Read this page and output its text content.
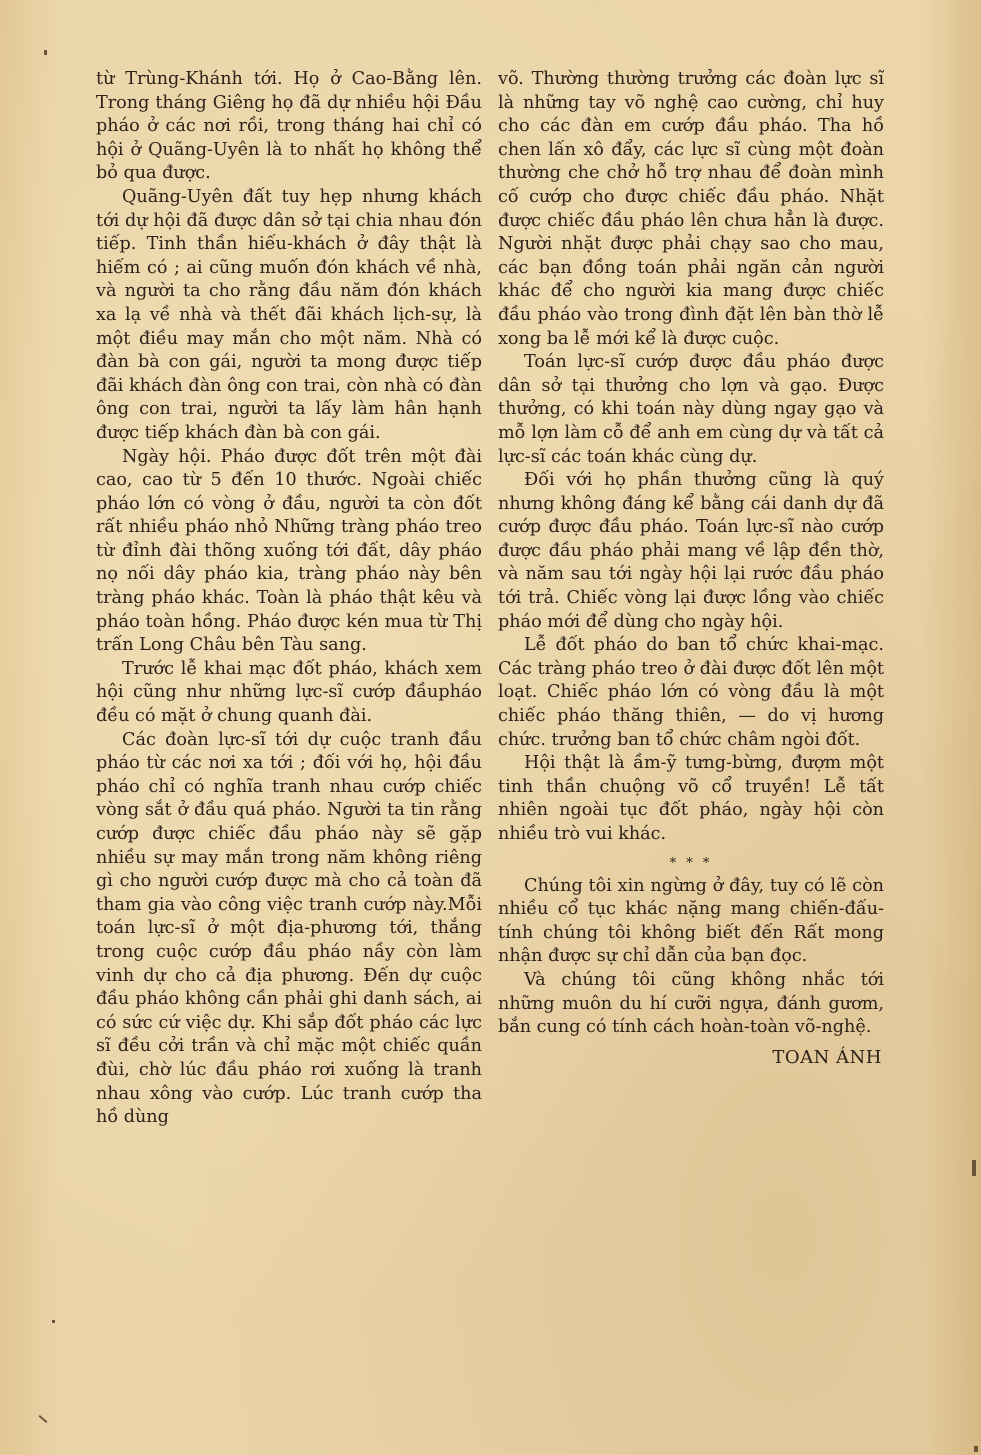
từ Trùng-Khánh tới. Họ ở Cao-Bằng lên. Trong tháng Giêng họ đã dự nhiều hội Đầu pháo ở các nơi rồi, trong tháng hai chỉ có hội ở Quãng-Uyên là to nhất họ không thể bỏ qua được.

Quãng-Uyên đất tuy hẹp nhưng khách tới dự hội đã được dân sở tại chia nhau đón tiếp. Tinh thần hiếu-khách ở đây thật là hiếm có ; ai cũng muốn đón khách về nhà, và người ta cho rằng đầu năm đón khách xa lạ về nhà và thết đãi khách lịch-sự, là một điều may mắn cho một năm. Nhà có đàn bà con gái, người ta mong được tiếp đãi khách đàn ông con trai, còn nhà có đàn ông con trai, người ta lấy làm hân hạnh được tiếp khách đàn bà con gái.

Ngày hội. Pháo được đốt trên một đài cao, cao từ 5 đến 10 thước. Ngoài chiếc pháo lớn có vòng ở đầu, người ta còn đốt rất nhiều pháo nhỏ Những tràng pháo treo từ đỉnh đài thõng xuống tới đất, dây pháo nọ nối dây pháo kia, tràng pháo này bên tràng pháo khác. Toàn là pháo thật kêu và pháo toàn hồng. Pháo được kén mua từ Thị trấn Long Châu bên Tàu sang.

Trước lễ khai mạc đốt pháo, khách xem hội cũng như những lực-sĩ cướp đầupháo đều có mặt ở chung quanh đài.

Các đoàn lực-sĩ tới dự cuộc tranh đầu pháo từ các nơi xa tới ; đối với họ, hội đầu pháo chỉ có nghĩa tranh nhau cướp chiếc vòng sắt ở đầu quá pháo. Người ta tin rằng cướp được chiếc đầu pháo này sẽ gặp nhiều sự may mắn trong năm không riêng gì cho người cướp được mà cho cả toàn đã tham gia vào công việc tranh cướp này.Mỗi toán lực-sĩ ở một địa-phương tới, thắng trong cuộc cướp đầu pháo nầy còn làm vinh dự cho cả địa phương. Đến dự cuộc đầu pháo không cần phải ghi danh sách, ai có sức cứ việc dự. Khi sắp đốt pháo các lực sĩ đều cởi trần và chỉ mặc một chiếc quần đùi, chờ lúc đầu pháo rơi xuống là tranh nhau xông vào cướp. Lúc tranh cướp tha hồ dùng

võ. Thường thường trưởng các đoàn lực sĩ là những tay võ nghệ cao cường, chỉ huy cho các đàn em cướp đầu pháo. Tha hồ chen lấn xô đẩy, các lực sĩ cùng một đoàn thường che chở hỗ trợ nhau để đoàn mình cố cướp cho được chiếc đầu pháo. Nhặt được chiếc đầu pháo lên chưa hẳn là được. Người nhặt được phải chạy sao cho mau, các bạn đồng toán phải ngăn cản người khác để cho người kia mang được chiếc đầu pháo vào trong đình đặt lên bàn thờ lễ xong ba lễ mới kể là được cuộc.

Toán lực-sĩ cướp được đầu pháo được dân sở tại thưởng cho lợn và gạo. Được thưởng, có khi toán này dùng ngay gạo và mỗ lợn làm cỗ để anh em cùng dự và tất cả lực-sĩ các toán khác cùng dự.

Đối với họ phần thưởng cũng là quý nhưng không đáng kể bằng cái danh dự đã cướp được đầu pháo. Toán lực-sĩ nào cướp được đầu pháo phải mang về lập đền thờ, và năm sau tới ngày hội lại rước đầu pháo tới trả. Chiếc vòng lại được lồng vào chiếc pháo mới để dùng cho ngày hội.

Lễ đốt pháo do ban tổ chức khai-mạc. Các tràng pháo treo ở đài được đốt lên một loạt. Chiếc pháo lớn có vòng đầu là một chiếc pháo thăng thiên, — do vị hương chức. trưởng ban tổ chức châm ngòi đốt.

Hội thật là ầm-ỹ tưng-bừng, đượm một tinh thần chuộng võ cổ truyền! Lễ tất nhiên ngoài tục đốt pháo, ngày hội còn nhiều trò vui khác.

* * *

Chúng tôi xin ngừng ở đây, tuy có lẽ còn nhiều cổ tục khác nặng mang chiến-đấu-tính chúng tôi không biết đến Rất mong nhận được sự chỉ dẫn của bạn đọc.

Và chúng tôi cũng không nhắc tới những muôn du hí cưỡi ngựa, đánh gươm, bắn cung có tính cách hoàn-toàn võ-nghệ.

TOAN ÁNH
